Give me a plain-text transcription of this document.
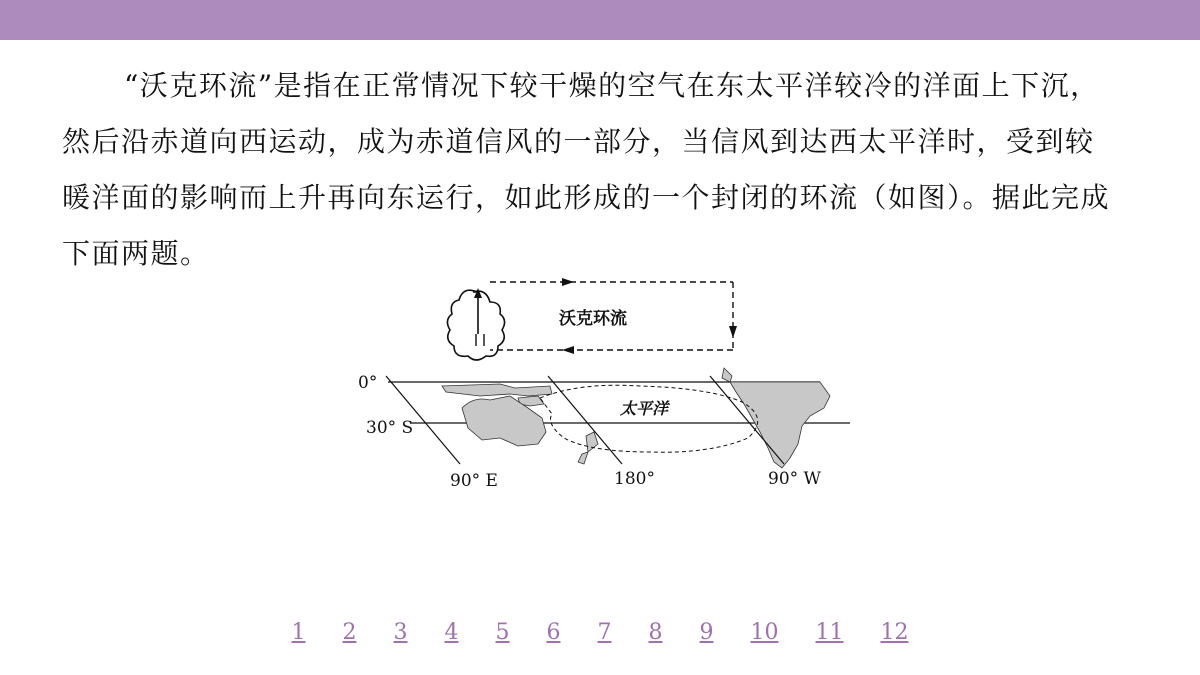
“沃克环流”是指在正常情况下较干燥的空气在东太平洋较冷的洋面上下沉，然后沿赤道向西运动，成为赤道信风的一部分，当信风到达西太平洋时，受到较暖洋面的影响而上升再向东运行，如此形成的一个封闭的环流（如图）。据此完成下面两题。

沃克环流
太平洋
0°
30° S
90° E	180°	90° W
1 2 3 4 5 6 7 8 9 10 11 12
